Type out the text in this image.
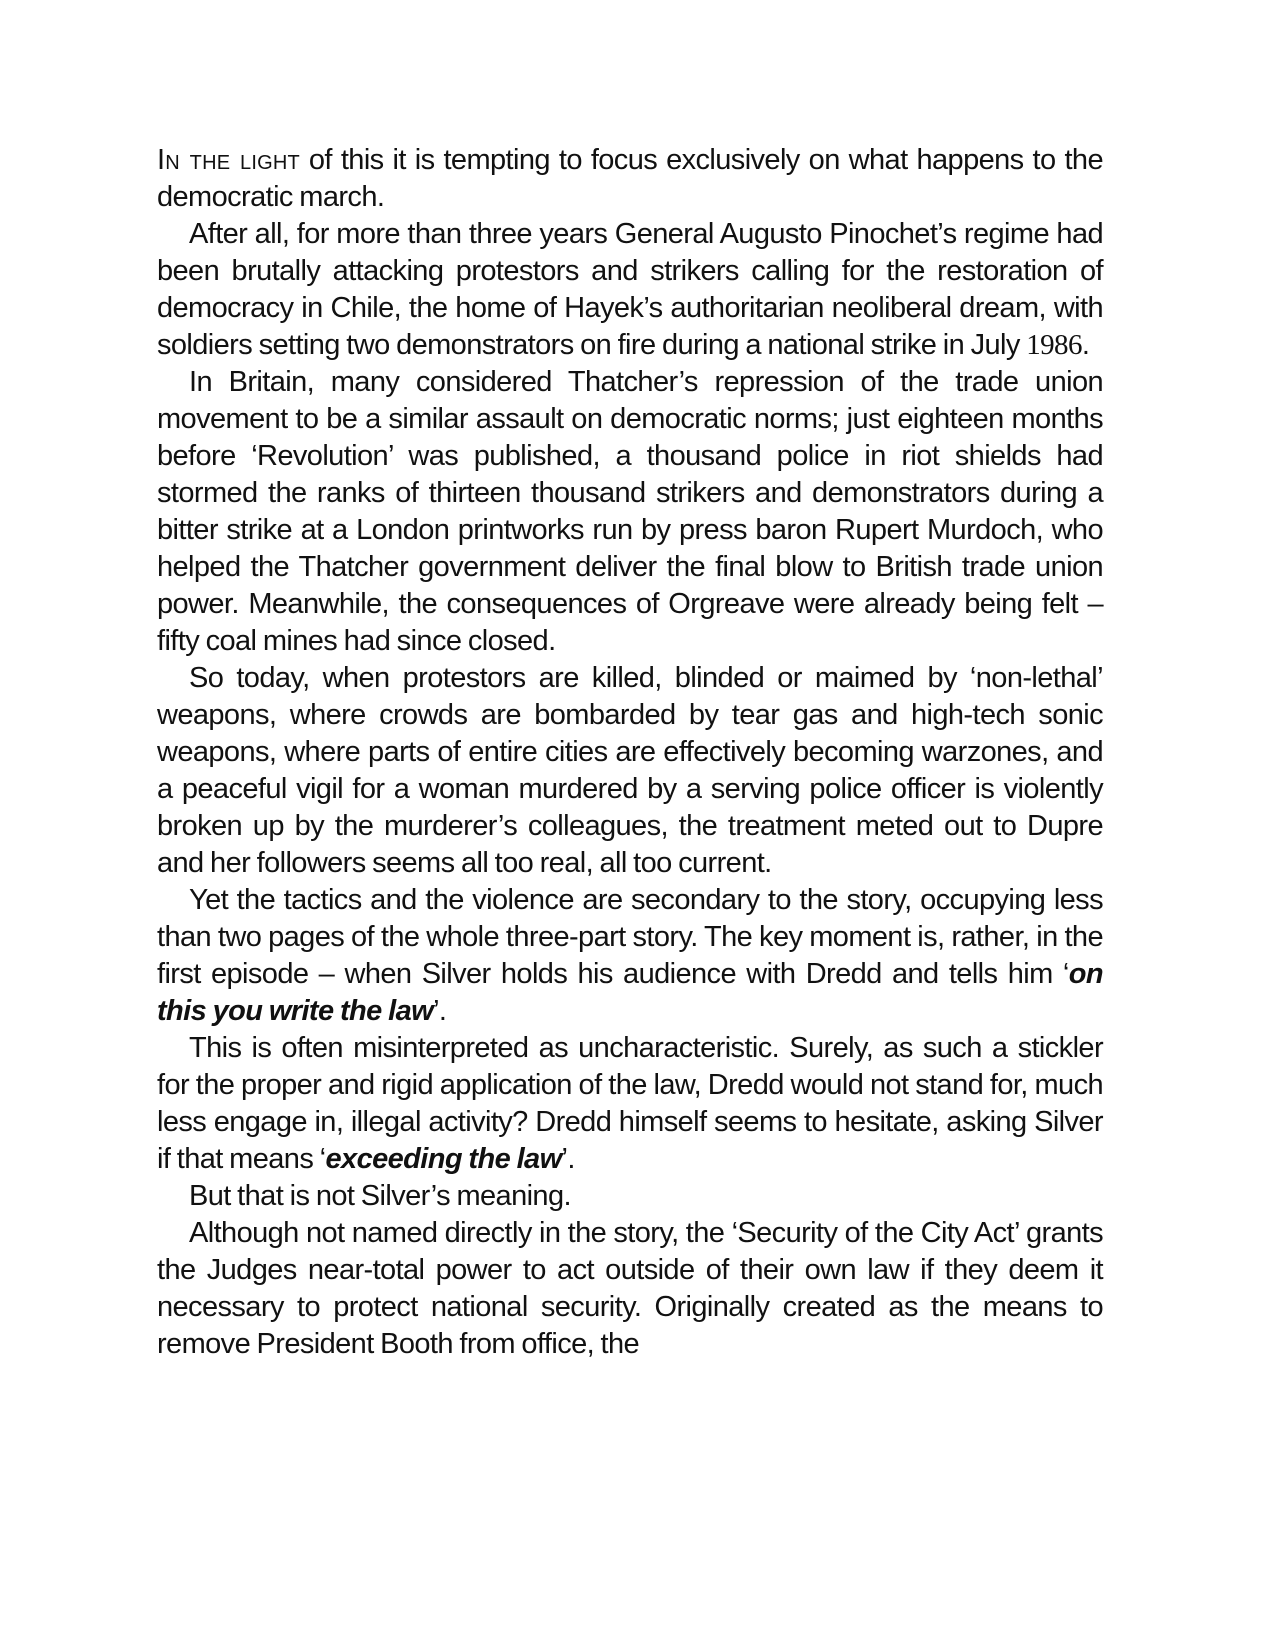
In the light of this it is tempting to focus exclusively on what happens to the democratic march.

After all, for more than three years General Augusto Pinochet’s regime had been brutally attacking protestors and strikers calling for the restoration of democracy in Chile, the home of Hayek’s authoritarian neoliberal dream, with soldiers setting two demonstrators on fire during a national strike in July 1986.

In Britain, many considered Thatcher’s repression of the trade union movement to be a similar assault on democratic norms; just eighteen months before ‘Revolution’ was published, a thousand police in riot shields had stormed the ranks of thirteen thousand strikers and demonstrators during a bitter strike at a London printworks run by press baron Rupert Murdoch, who helped the Thatcher government deliver the final blow to British trade union power. Meanwhile, the consequences of Orgreave were already being felt – fifty coal mines had since closed.

So today, when protestors are killed, blinded or maimed by ‘non-lethal’ weapons, where crowds are bombarded by tear gas and high-tech sonic weapons, where parts of entire cities are effectively becoming warzones, and a peaceful vigil for a woman murdered by a serving police officer is violently broken up by the murderer’s colleagues, the treatment meted out to Dupre and her followers seems all too real, all too current.

Yet the tactics and the violence are secondary to the story, occupying less than two pages of the whole three-part story. The key moment is, rather, in the first episode – when Silver holds his audience with Dredd and tells him ‘on this you write the law’.

This is often misinterpreted as uncharacteristic. Surely, as such a stickler for the proper and rigid application of the law, Dredd would not stand for, much less engage in, illegal activity? Dredd himself seems to hesitate, asking Silver if that means ‘exceeding the law’.

But that is not Silver’s meaning.

Although not named directly in the story, the ‘Security of the City Act’ grants the Judges near-total power to act outside of their own law if they deem it necessary to protect national security. Originally created as the means to remove President Booth from office, the
